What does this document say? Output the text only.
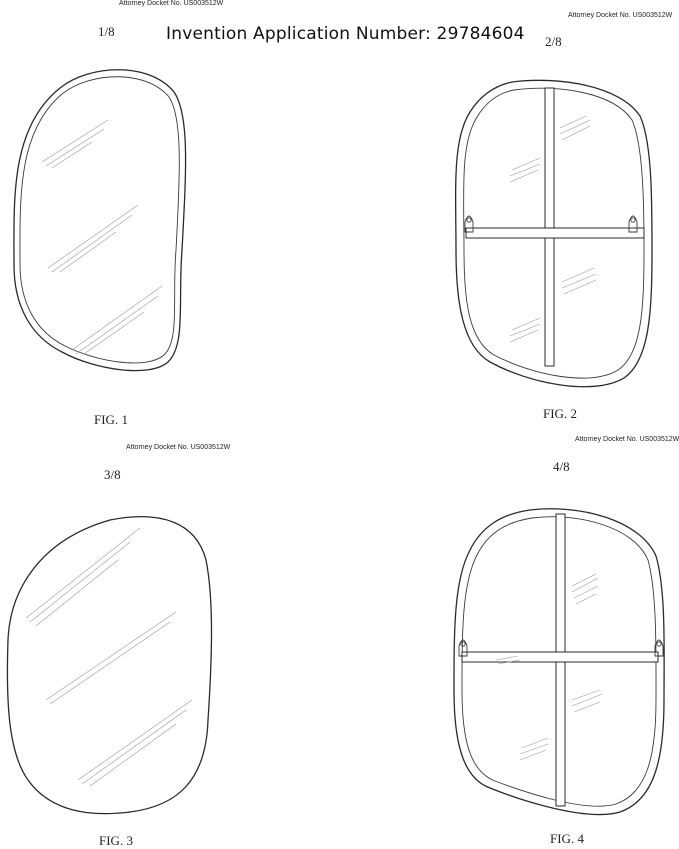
Attorney Docket No. US003512W
Attorney Docket No. US003512W
Attorney Docket No. US003512W
Attorney Docket No. US003512W
1/8
2/8
3/8
4/8
Invention Application Number: 29784604
FIG. 1	FIG. 2
FIG. 3	FIG. 4
